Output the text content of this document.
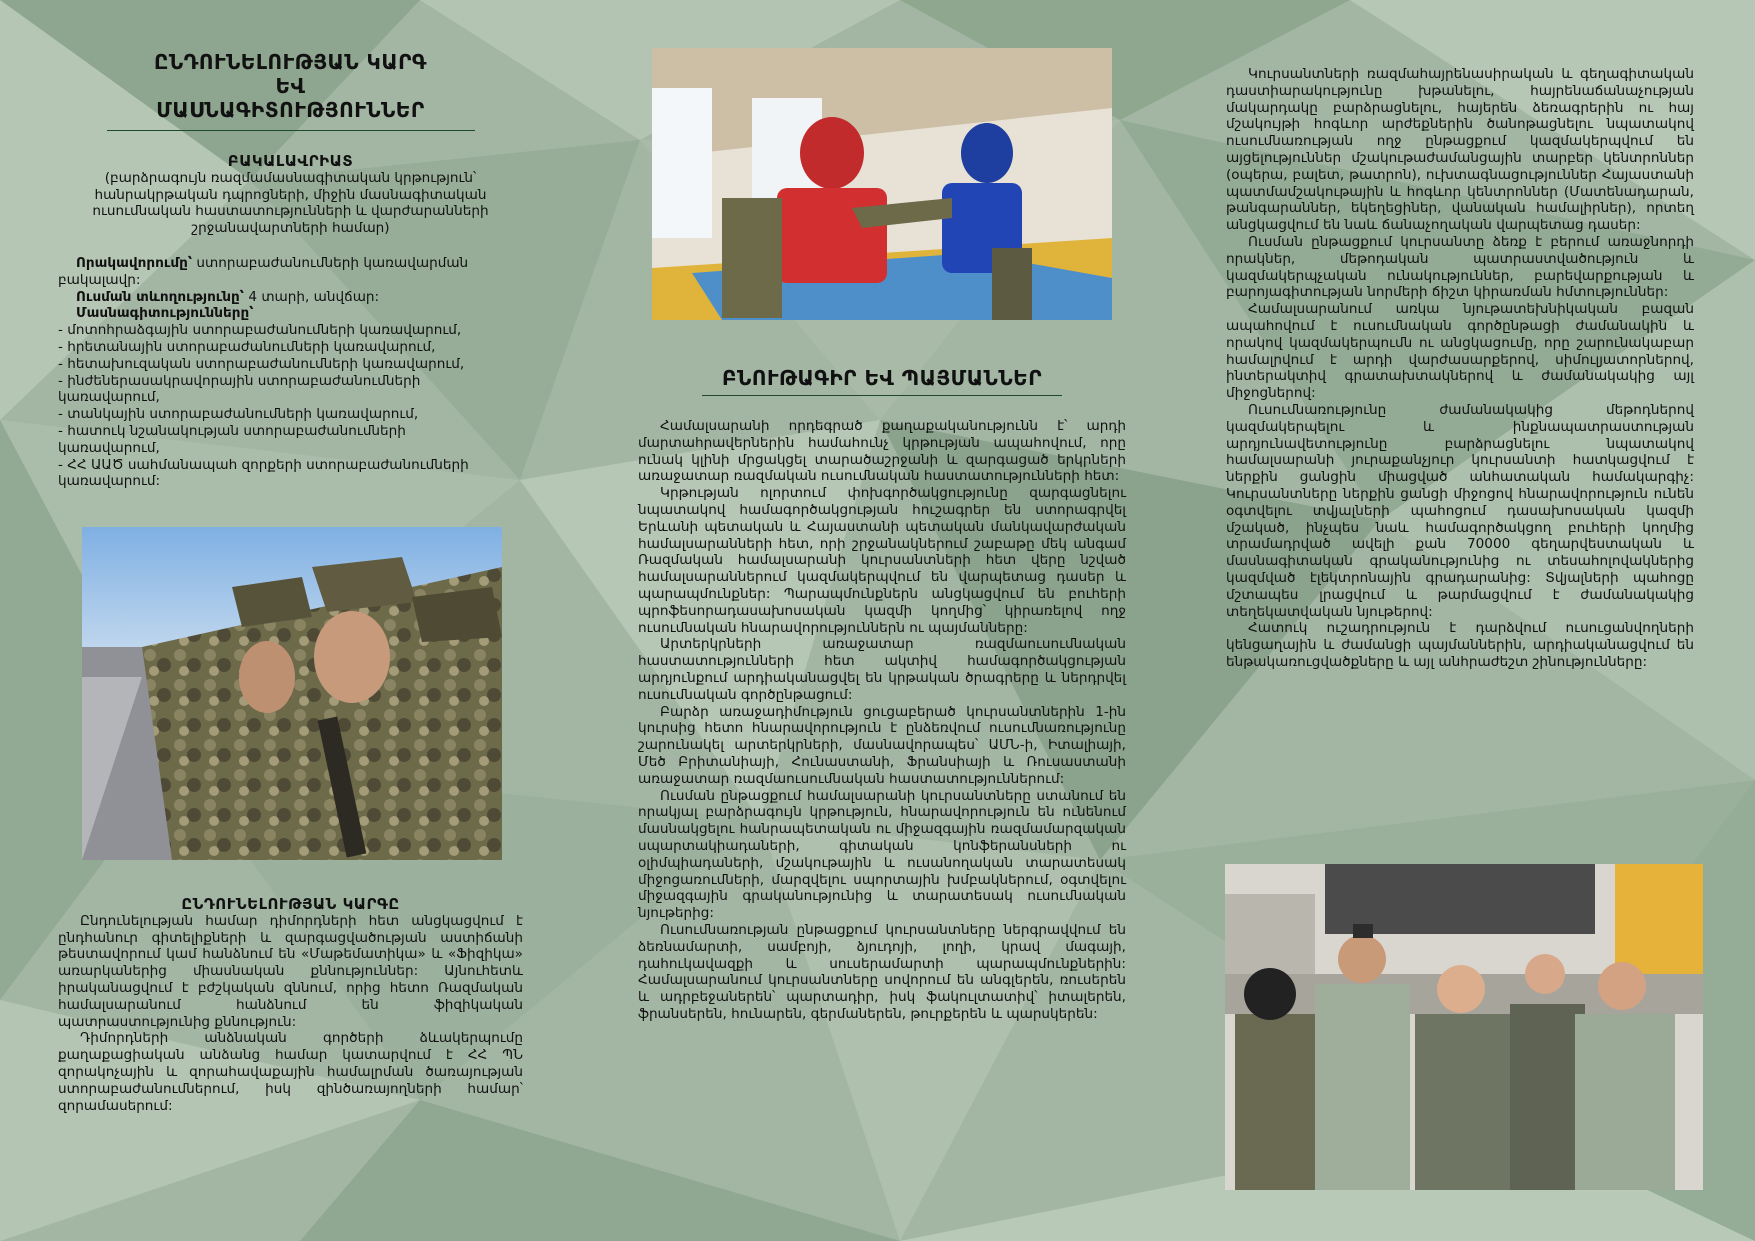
ԸՆԴՈՒՆԵԼՈՒԹՅԱՆ ԿԱՐԳ ԵՎ ՄԱՍՆԱԳԻՏՈՒԹՅՈՒՆՆԵՐ
ԲԱԿԱԼԱՎՐԻԱՏ
(բարձրագույն ռազմամասնագիտական կրթություն՝ հանրակրթական դպրոցների, միջին մասնագիտական ուսումնական հաստատությունների և վարժարանների շրջանավարտների համար)
Որակավորումը՝ ստորաբաժանումների կառավարման բակալավր:
Ուսման տևողությունը՝ 4 տարի, անվճար:
Մասնագիտությունները՝
- մոտոհրաձգային ստորաբաժանումների կառավարում,
- հրետանային ստորաբաժանումների կառավարում,
- հետախուզական ստորաբաժանումների կառավարում,
- ինժեներասակրավորային ստորաբաժանումների կառավարում,
- տանկային ստորաբաժանումների կառավարում,
- հատուկ նշանակության ստորաբաժանումների կառավարում,
- ՀՀ ԱԱԾ սահմանապահ զորքերի ստորաբաժանումների կառավարում:
ԸՆԴՈՒՆԵԼՈՒԹՅԱՆ ԿԱՐԳԸ

Ընդունելության համար դիմորդների հետ անցկացվում է ընդհանուր գիտելիքների և զարգացվածության աստիճանի թեստավորում կամ հանձնում են «Մաթեմատիկա» և «Ֆիզիկա» առարկաներից միասնական քննություններ: Այնուհետև իրականացվում է բժշկական զննում, որից հետո Ռազմական համալսարանում հանձնում են ֆիզիկական պատրաստությունից քննություն:

Դիմորդների անձնական գործերի ձևակերպումը քաղաքացիական անձանց համար կատարվում է ՀՀ ՊՆ զորակոչային և զորահավաքային համալրման ծառայության ստորաբաժանումներում, իսկ զինծառայողների համար՝ զորամասերում:

ԲՆՈՒԹԱԳԻՐ ԵՎ ՊԱՅՄԱՆՆԵՐ

Համալսարանի որդեգրած քաղաքականությունն է՝ արդի մարտահրավերներին համահունչ կրթության ապահովում, որը ունակ կլինի մրցակցել տարածաշրջանի և զարգացած երկրների առաջատար ռազմական ուսումնական հաստատությունների հետ:

Կրթության ոլորտում փոխգործակցությունը զարգացնելու նպատակով համագործակցության հուշագրեր են ստորագրվել Երևանի պետական և Հայաստանի պետական մանկավարժական համալսարանների հետ, որի շրջանակներում շաբաթը մեկ անգամ Ռազմական համալսարանի կուրսանտների հետ վերը նշված համալսարաններում կազմակերպվում են վարպետաց դասեր և պարապմունքներ: Պարապմունքներն անցկացվում են բուհերի պրոֆեսորադասախոսական կազմի կողմից՝ կիրառելով ողջ ուսումնական հնարավորություններն ու պայմանները:

Արտերկրների առաջատար ռազմաուսումնական հաստատությունների հետ ակտիվ համագործակցության արդյունքում արդիականացվել են կրթական ծրագրերը և ներդրվել ուսումնական գործընթացում:

Բարձր առաջադիմություն ցուցաբերած կուրսանտներին 1-ին կուրսից հետո հնարավորություն է ընձեռվում ուսումնառությունը շարունակել արտերկրների, մասնավորապես՝ ԱՄՆ-ի, Իտալիայի, Մեծ Բրիտանիայի, Հունաստանի, Ֆրանսիայի և Ռուսաստանի առաջատար ռազմաուսումնական հաստատություններում:

Ուսման ընթացքում համալսարանի կուրսանտները ստանում են որակյալ բարձրագույն կրթություն, հնարավորություն են ունենում մասնակցելու հանրապետական ու միջազգային ռազմամարզական սպարտակիադաների, գիտական կոնֆերանսների ու օլիմպիադաների, մշակութային և ուսանողական տարատեսակ միջոցառումների, մարզվելու սպորտային խմբակներում, օգտվելու միջազգային գրականությունից և տարատեսակ ուսումնական նյութերից:

Ուսումնառության ընթացքում կուրսանտները ներգրավվում են ձեռնամարտի, սամբոյի, ձյուդոյի, լողի, կրավ մագայի, դահուկավազքի և սուսերամարտի պարապմունքներին: Համալսարանում կուրսանտները սովորում են անգլերեն, ռուսերեն և ադրբեջաներեն՝ պարտադիր, իսկ ֆակուլտատիվ՝ իտալերեն, ֆրանսերեն, հունարեն, գերմաներեն, թուրքերեն և պարսկերեն:

Կուրսանտների ռազմահայրենասիրական և գեղագիտական դաստիարակությունը խթանելու, հայրենաճանաչության մակարդակը բարձրացնելու, հայերեն ձեռագրերին ու հայ մշակույթի հոգևոր արժեքներին ծանոթացնելու նպատակով ուսումնառության ողջ ընթացքում կազմակերպվում են այցելություններ մշակութաժամանցային տարբեր կենտրոններ (օպերա, բալետ, թատրոն), ուխտագնացություններ Հայաստանի պատմամշակութային և հոգևոր կենտրոններ (Մատենադարան, թանգարաններ, եկեղեցիներ, վանական համալիրներ), որտեղ անցկացվում են նաև ճանաչողական վարպետաց դասեր:

Ուսման ընթացքում կուրսանտը ձեռք է բերում առաջնորդի որակներ, մեթոդական պատրաստվածություն և կազմակերպչական ունակություններ, բարեվարքության և բարոյագիտության նորմերի ճիշտ կիրառման հմտություններ:

Համալսարանում առկա նյութատեխնիկական բազան ապահովում է ուսումնական գործընթացի ժամանակին և որակով կազմակերպումն ու անցկացումը, որը շարունակաբար համալրվում է արդի վարժասարքերով, սիմուլյատորներով, ինտերակտիվ գրատախտակներով և ժամանակակից այլ միջոցներով:

Ուսումնառությունը ժամանակակից մեթոդներով կազմակերպելու և ինքնապատրաստության արդյունավետությունը բարձրացնելու նպատակով համալսարանի յուրաքանչյուր կուրսանտի հատկացվում է ներքին ցանցին միացված անհատական համակարգիչ: Կուրսանտները ներքին ցանցի միջոցով հնարավորություն ունեն օգտվելու տվյալների պահոցում դասախոսական կազմի մշակած, ինչպես նաև համագործակցող բուհերի կողմից տրամադրված ավելի քան 70000 գեղարվեստական և մասնագիտական գրականությունից ու տեսաhոլովակներից կազմված էլեկտրոնային գրադարանից: Տվյալների պահոցը մշտապես լրացվում և թարմացվում է ժամանակակից տեղեկատվական նյութերով:

Հատուկ ուշադրություն է դարձվում ուսուցանվողների կենցաղային և ժամանցի պայմաններին, արդիականացվում են ենթակառուցվածքները և այլ անհրաժեշտ շինությունները:
